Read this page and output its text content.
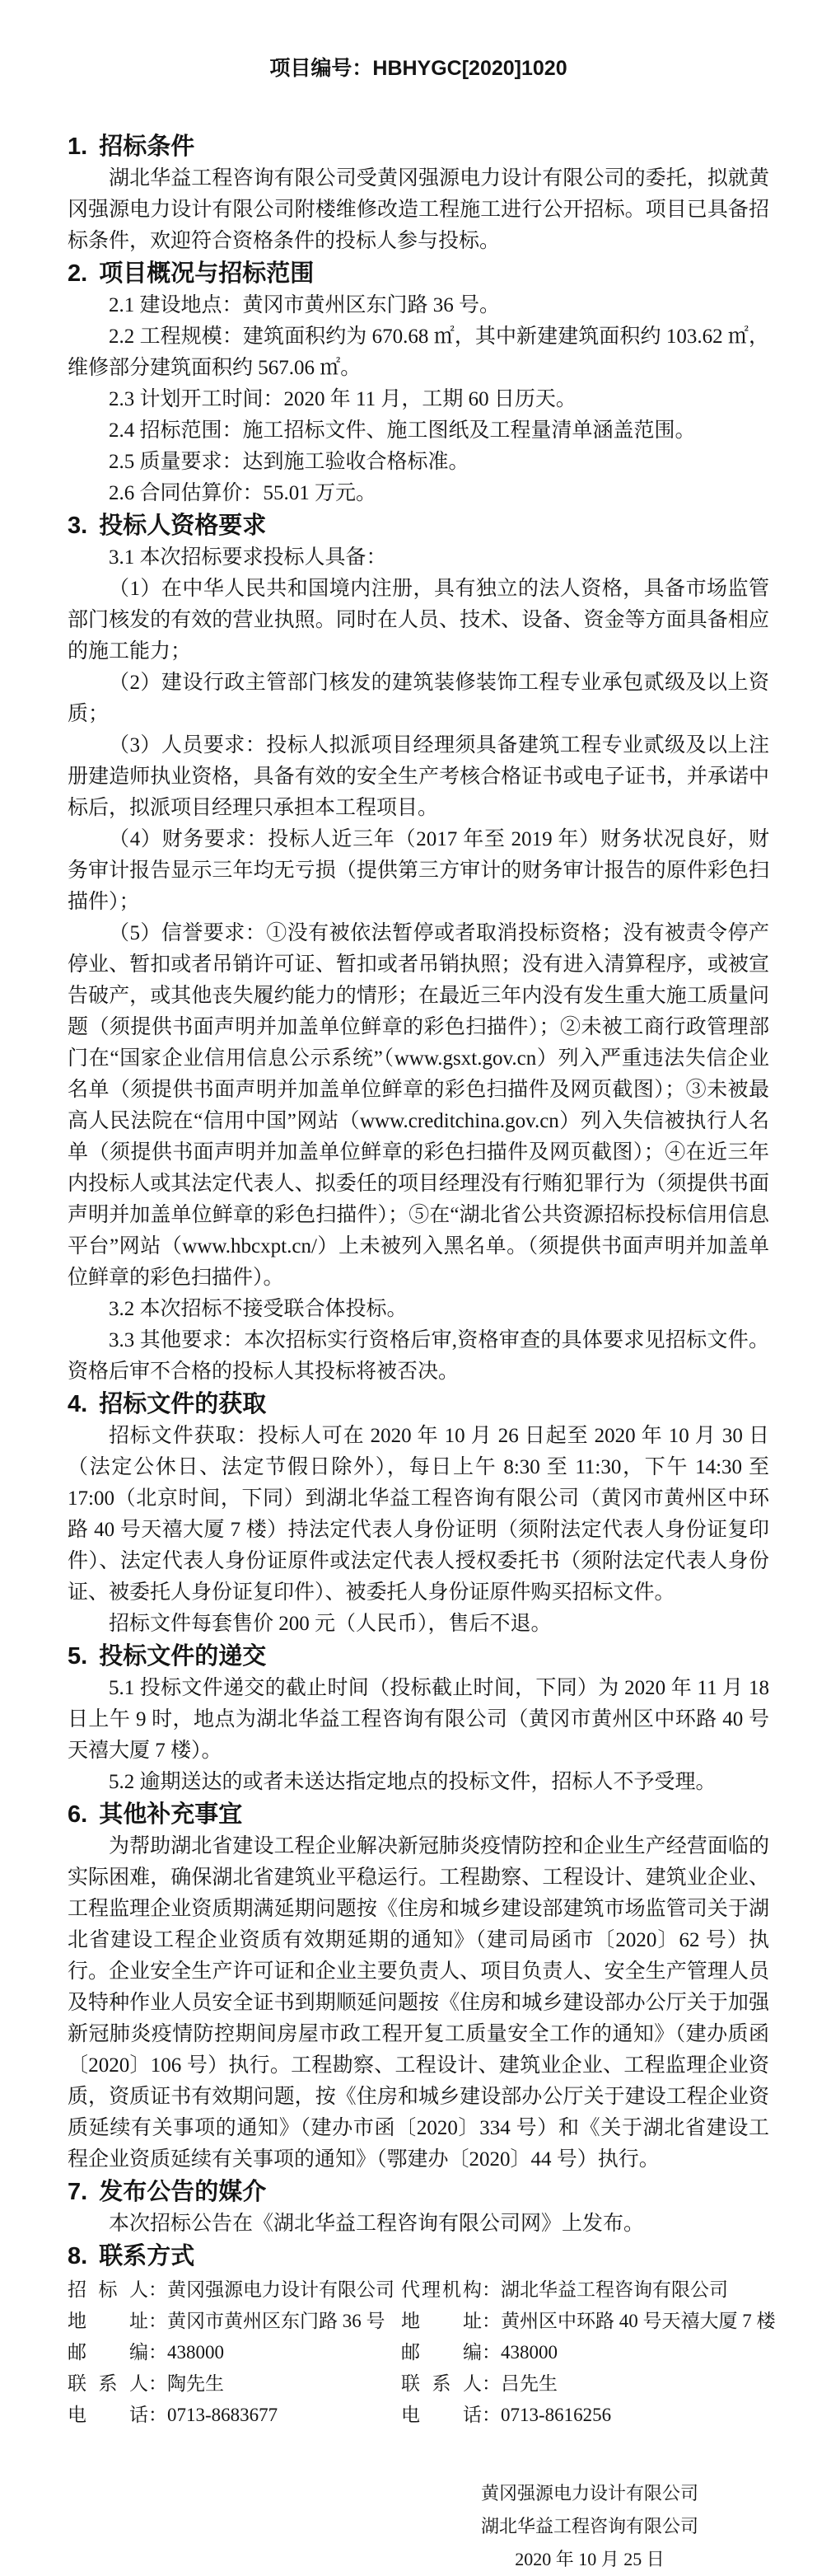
项目编号：HBHYGC[2020]1020
1. 招标条件

湖北华益工程咨询有限公司受黄冈强源电力设计有限公司的委托，拟就黄冈强源电力设计有限公司附楼维修改造工程施工进行公开招标。项目已具备招标条件，欢迎符合资格条件的投标人参与投标。

2. 项目概况与招标范围

2.1 建设地点：黄冈市黄州区东门路 36 号。

2.2 工程规模：建筑面积约为 670.68 ㎡，其中新建建筑面积约 103.62 ㎡，维修部分建筑面积约 567.06 ㎡。

2.3 计划开工时间：2020 年 11 月，工期 60 日历天。

2.4 招标范围：施工招标文件、施工图纸及工程量清单涵盖范围。

2.5 质量要求：达到施工验收合格标准。

2.6 合同估算价：55.01 万元。

3. 投标人资格要求

3.1 本次招标要求投标人具备：

（1）在中华人民共和国境内注册，具有独立的法人资格，具备市场监管部门核发的有效的营业执照。同时在人员、技术、设备、资金等方面具备相应的施工能力；

（2）建设行政主管部门核发的建筑装修装饰工程专业承包贰级及以上资质；

（3）人员要求：投标人拟派项目经理须具备建筑工程专业贰级及以上注册建造师执业资格，具备有效的安全生产考核合格证书或电子证书，并承诺中标后，拟派项目经理只承担本工程项目。

（4）财务要求：投标人近三年（2017 年至 2019 年）财务状况良好，财务审计报告显示三年均无亏损（提供第三方审计的财务审计报告的原件彩色扫描件）；

（5）信誉要求：①没有被依法暂停或者取消投标资格；没有被责令停产停业、暂扣或者吊销许可证、暂扣或者吊销执照；没有进入清算程序，或被宣告破产，或其他丧失履约能力的情形；在最近三年内没有发生重大施工质量问题（须提供书面声明并加盖单位鲜章的彩色扫描件）；②未被工商行政管理部门在“国家企业信用信息公示系统”（www.gsxt.gov.cn）列入严重违法失信企业名单（须提供书面声明并加盖单位鲜章的彩色扫描件及网页截图）；③未被最高人民法院在“信用中国”网站（www.creditchina.gov.cn）列入失信被执行人名单（须提供书面声明并加盖单位鲜章的彩色扫描件及网页截图）；④在近三年内投标人或其法定代表人、拟委任的项目经理没有行贿犯罪行为（须提供书面声明并加盖单位鲜章的彩色扫描件）；⑤在“湖北省公共资源招标投标信用信息平台”网站（www.hbcxpt.cn/）上未被列入黑名单。（须提供书面声明并加盖单位鲜章的彩色扫描件）。

3.2 本次招标不接受联合体投标。

3.3 其他要求：本次招标实行资格后审,资格审查的具体要求见招标文件。资格后审不合格的投标人其投标将被否决。

4. 招标文件的获取

招标文件获取：投标人可在 2020 年 10 月 26 日起至 2020 年 10 月 30 日（法定公休日、法定节假日除外），每日上午 8:30 至 11:30，下午 14:30 至 17:00（北京时间，下同）到湖北华益工程咨询有限公司（黄冈市黄州区中环路 40 号天禧大厦 7 楼）持法定代表人身份证明（须附法定代表人身份证复印件）、法定代表人身份证原件或法定代表人授权委托书（须附法定代表人身份证、被委托人身份证复印件）、被委托人身份证原件购买招标文件。

招标文件每套售价 200 元（人民币），售后不退。

5. 投标文件的递交

5.1 投标文件递交的截止时间（投标截止时间，下同）为 2020 年 11 月 18 日上午 9 时，地点为湖北华益工程咨询有限公司（黄冈市黄州区中环路 40 号天禧大厦 7 楼）。

5.2 逾期送达的或者未送达指定地点的投标文件，招标人不予受理。

6. 其他补充事宜

为帮助湖北省建设工程企业解决新冠肺炎疫情防控和企业生产经营面临的实际困难，确保湖北省建筑业平稳运行。工程勘察、工程设计、建筑业企业、工程监理企业资质期满延期问题按《住房和城乡建设部建筑市场监管司关于湖北省建设工程企业资质有效期延期的通知》（建司局函市〔2020〕62 号）执行。企业安全生产许可证和企业主要负责人、项目负责人、安全生产管理人员及特种作业人员安全证书到期顺延问题按《住房和城乡建设部办公厅关于加强新冠肺炎疫情防控期间房屋市政工程开复工质量安全工作的通知》（建办质函〔2020〕106 号）执行。工程勘察、工程设计、建筑业企业、工程监理企业资质，资质证书有效期问题，按《住房和城乡建设部办公厅关于建设工程企业资质延续有关事项的通知》（建办市函〔2020〕334 号）和《关于湖北省建设工程企业资质延续有关事项的通知》（鄂建办〔2020〕44 号）执行。

7. 发布公告的媒介

本次招标公告在《湖北华益工程咨询有限公司网》上发布。

8. 联系方式
招标人：黄冈强源电力设计有限公司 代理机构：湖北华益工程咨询有限公司
地址：黄冈市黄州区东门路 36 号 地址：黄州区中环路 40 号天禧大厦 7 楼
邮编：438000	邮编：438000
联系人：陶先生	联系人：吕先生
电话：0713-8683677	电话：0713-8616256
黄冈强源电力设计有限公司
湖北华益工程咨询有限公司
2020 年 10 月 25 日
